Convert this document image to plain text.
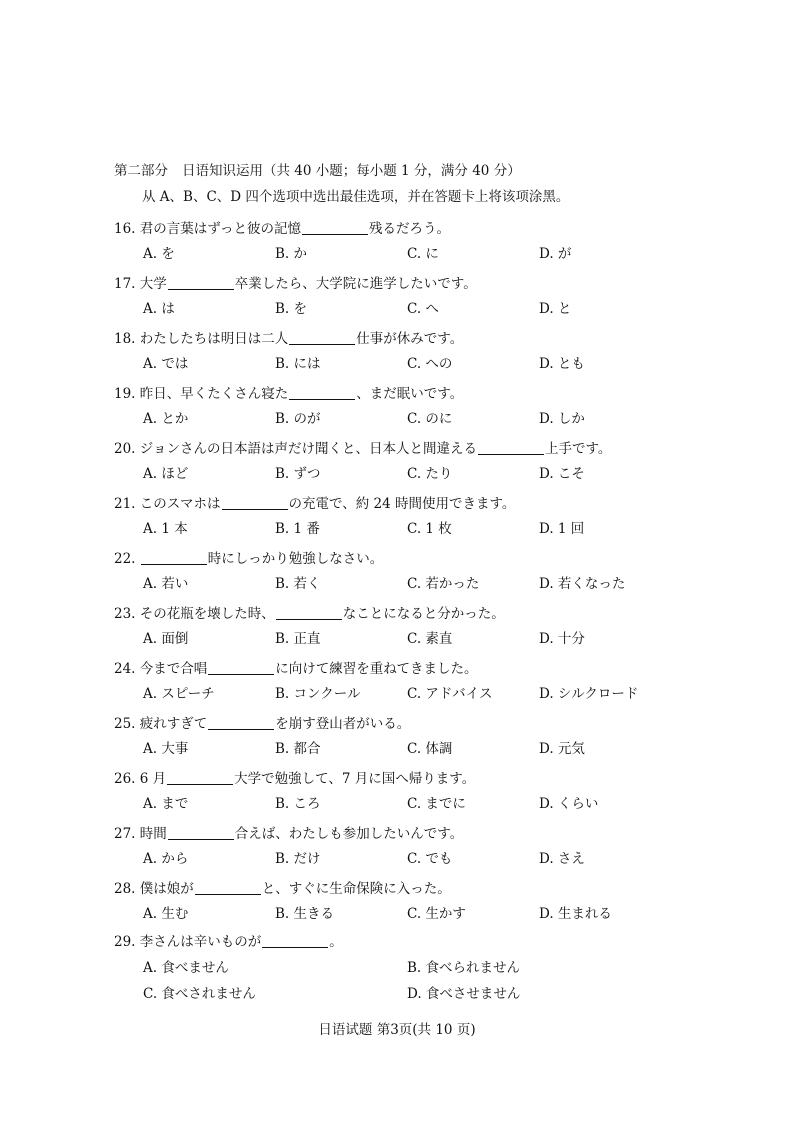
第二部分 日语知识运用（共 40 小题；每小题 1 分，满分 40 分）
从 A、B、C、D 四个选项中选出最佳选项，并在答题卡上将该项涂黑。
16. 君の言葉はずっと彼の記憶	残るだろう。
A. を	B. か	C. に	D. が
17. 大学	卒業したら、大学院に進学したいです。
A. は	B. を	C. へ	D. と
18. わたしたちは明日は二人	仕事が休みです。
A. では	B. には	C. への	D. とも
19. 昨日、早くたくさん寝た	、まだ眠いです。
A. とか	B. のが	C. のに	D. しか
20. ジョンさんの日本語は声だけ聞くと、日本人と間違える	上手です。
A. ほど	B. ずつ	C. たり	D. こそ
21. このスマホは	の充電で、約 24 時間使用できます。
A. 1 本	B. 1 番	C. 1 枚	D. 1 回
22.	時にしっかり勉強しなさい。
A. 若い	B. 若く	C. 若かった	D. 若くなった
23. その花瓶を壊した時、	なことになると分かった。
A. 面倒	B. 正直	C. 素直	D. 十分
24. 今まで合唱	に向けて練習を重ねてきました。
A. スピーチ	B. コンクール	C. アドバイス	D. シルクロード
25. 疲れすぎて	を崩す登山者がいる。
A. 大事	B. 都合	C. 体調	D. 元気
26. 6 月	大学で勉強して、7 月に国へ帰ります。
A. まで	B. ころ	C. までに	D. くらい
27. 時間	合えば、わたしも参加したいんです。
A. から	B. だけ	C. でも	D. さえ
28. 僕は娘が	と、すぐに生命保険に入った。
A. 生む	B. 生きる	C. 生かす	D. 生まれる
29. 李さんは辛いものが	。
A. 食べません	B. 食べられません
C. 食べされません	D. 食べさせません
日语试题 第3页(共 10 页)
